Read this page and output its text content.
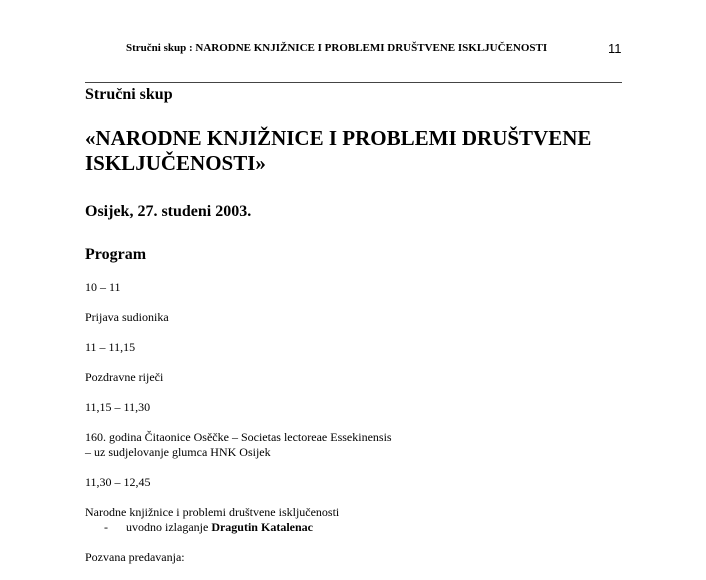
Stručni skup : NARODNE KNJIŽNICE I PROBLEMI DRUŠTVENE ISKLJUČENOSTI	11
Stručni skup
«NARODNE KNJIŽNICE I PROBLEMI DRUŠTVENE
ISKLJUČENOSTI»
Osijek, 27. studeni 2003.
Program
10 – 11
Prijava sudionika
11 – 11,15
Pozdravne riječi
11,15 – 11,30
160. godina Čitaonice Osěčke – Societas lectoreae Essekinensis
– uz sudjelovanje glumca HNK Osijek
11,30 – 12,45
Narodne knjižnice i problemi društvene isključenosti
- uvodno izlaganje Dragutin Katalenac
Pozvana predavanja:
